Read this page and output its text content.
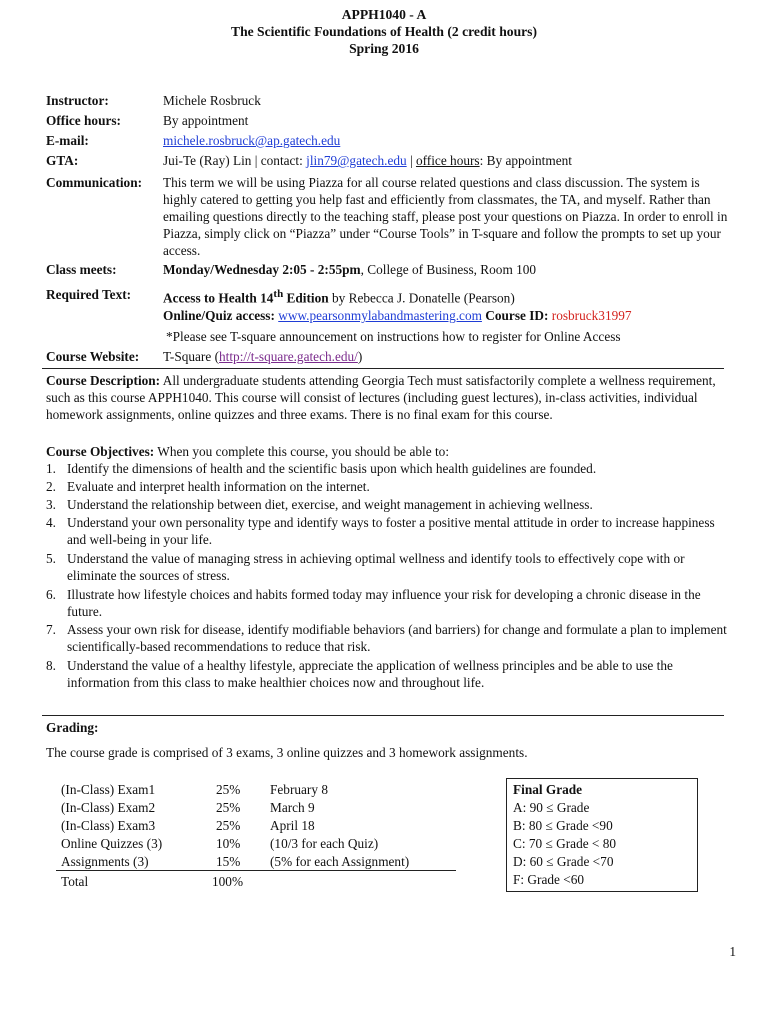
APPH1040 - A
The Scientific Foundations of Health (2 credit hours)
Spring 2016
Instructor:	Michele Rosbruck
Office hours:	By appointment
E-mail:	michele.rosbruck@ap.gatech.edu
GTA:	Jui-Te (Ray) Lin | contact: jlin79@gatech.edu | office hours: By appointment
Communication: This term we will be using Piazza for all course related questions and class discussion. The system is highly catered to getting you help fast and efficiently from classmates, the TA, and myself. Rather than emailing questions directly to the teaching staff, please post your questions on Piazza. In order to enroll in Piazza, simply click on “Piazza” under “Course Tools” in T-square and follow the prompts to set up your access.
Class meets:	Monday/Wednesday 2:05 - 2:55pm, College of Business, Room 100
Required Text: Access to Health 14th Edition by Rebecca J. Donatelle (Pearson)
Online/Quiz access: www.pearsonmylabandmastering.com Course ID: rosbruck31997
*Please see T-square announcement on instructions how to register for Online Access
Course Website: T-Square (http://t-square.gatech.edu/)
Course Description: All undergraduate students attending Georgia Tech must satisfactorily complete a wellness requirement, such as this course APPH1040. This course will consist of lectures (including guest lectures), in-class activities, individual homework assignments, online quizzes and three exams. There is no final exam for this course.
Course Objectives: When you complete this course, you should be able to:
1. Identify the dimensions of health and the scientific basis upon which health guidelines are founded.
2. Evaluate and interpret health information on the internet.
3. Understand the relationship between diet, exercise, and weight management in achieving wellness.
4. Understand your own personality type and identify ways to foster a positive mental attitude in order to increase happiness and well-being in your life.
5. Understand the value of managing stress in achieving optimal wellness and identify tools to effectively cope with or eliminate the sources of stress.
6. Illustrate how lifestyle choices and habits formed today may influence your risk for developing a chronic disease in the future.
7. Assess your own risk for disease, identify modifiable behaviors (and barriers) for change and formulate a plan to implement scientifically-based recommendations to reduce that risk.
8. Understand the value of a healthy lifestyle, appreciate the application of wellness principles and be able to use the information from this class to make healthier choices now and throughout life.
Grading:
The course grade is comprised of 3 exams, 3 online quizzes and 3 homework assignments.
(In-Class) Exam1	25% February 8
(In-Class) Exam2	25% March 9
(In-Class) Exam3	25% April 18
Online Quizzes (3)	10% (10/3 for each Quiz)
Assignments (3)	15% (5% for each Assignment)
Total	100%
Final Grade
A: 90 ≤ Grade
B: 80 ≤ Grade <90
C: 70 ≤ Grade < 80
D: 60 ≤ Grade <70
F: Grade <60
1
